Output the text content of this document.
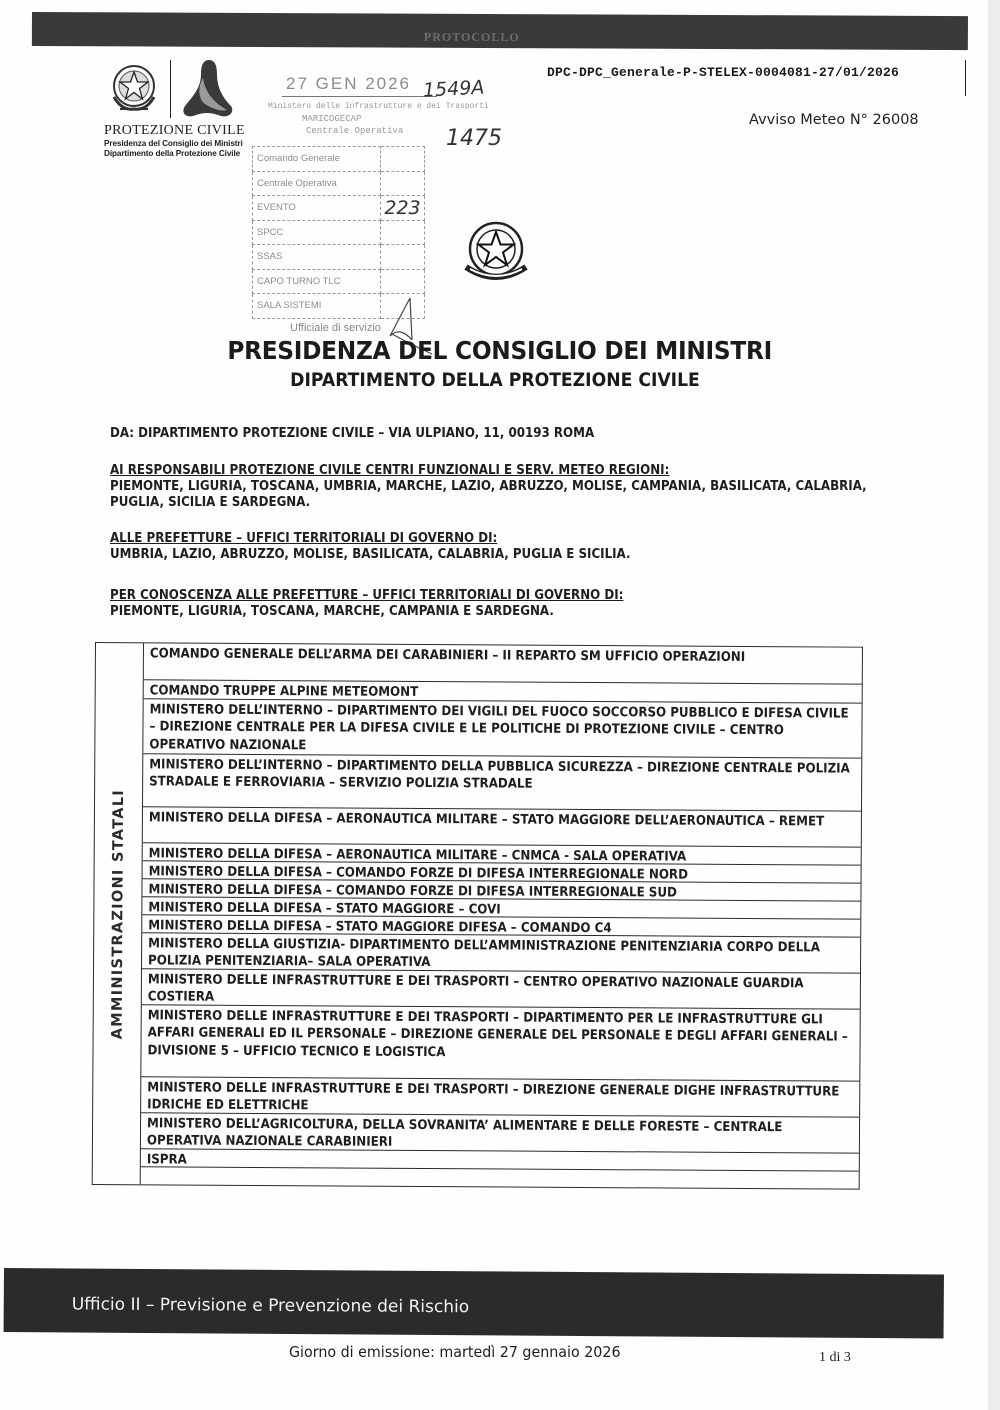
PROTOCOLLO
DPC-DPC_Generale-P-STELEX-0004081-27/01/2026
PROTEZIONE CIVILE
Presidenza del Consiglio dei Ministri
Dipartimento della Protezione Civile
27 GEN 2026 1549A
1475
Ministero delle Infrastrutture e dei Trasporti
MARICOGECAP
Centrale Operativa
Comando Generale	
Centrale Operativa	
EVENTO	223
SPCC	
SSAS	
CAPO TURNO TLC	
SALA SISTEMI	
Ufficiale di servizio
Avviso Meteo N° 26008
PRESIDENZA DEL CONSIGLIO DEI MINISTRI
DIPARTIMENTO DELLA PROTEZIONE CIVILE
DA: DIPARTIMENTO PROTEZIONE CIVILE – VIA ULPIANO, 11, 00193 ROMA
AI RESPONSABILI PROTEZIONE CIVILE CENTRI FUNZIONALI E SERV. METEO REGIONI:
PIEMONTE, LIGURIA, TOSCANA, UMBRIA, MARCHE, LAZIO, ABRUZZO, MOLISE, CAMPANIA, BASILICATA, CALABRIA, PUGLIA, SICILIA E SARDEGNA.
ALLE PREFETTURE – UFFICI TERRITORIALI DI GOVERNO DI:
UMBRIA, LAZIO, ABRUZZO, MOLISE, BASILICATA, CALABRIA, PUGLIA E SICILIA.
PER CONOSCENZA ALLE PREFETTURE – UFFICI TERRITORIALI DI GOVERNO DI:
PIEMONTE, LIGURIA, TOSCANA, MARCHE, CAMPANIA E SARDEGNA.
AMMINISTRAZIONI STATALI
COMANDO GENERALE DELL’ARMA DEI CARABINIERI – II REPARTO SM UFFICIO OPERAZIONI
COMANDO TRUPPE ALPINE METEOMONT
MINISTERO DELL’INTERNO – DIPARTIMENTO DEI VIGILI DEL FUOCO SOCCORSO PUBBLICO E DIFESA CIVILE – DIREZIONE CENTRALE PER LA DIFESA CIVILE E LE POLITICHE DI PROTEZIONE CIVILE – CENTRO OPERATIVO NAZIONALE
MINISTERO DELL’INTERNO – DIPARTIMENTO DELLA PUBBLICA SICUREZZA – DIREZIONE CENTRALE POLIZIA STRADALE E FERROVIARIA – SERVIZIO POLIZIA STRADALE
MINISTERO DELLA DIFESA – AERONAUTICA MILITARE – STATO MAGGIORE DELL’AERONAUTICA – REMET
MINISTERO DELLA DIFESA – AERONAUTICA MILITARE – CNMCA - SALA OPERATIVA
MINISTERO DELLA DIFESA – COMANDO FORZE DI DIFESA INTERREGIONALE NORD
MINISTERO DELLA DIFESA – COMANDO FORZE DI DIFESA INTERREGIONALE SUD
MINISTERO DELLA DIFESA – STATO MAGGIORE – COVI
MINISTERO DELLA DIFESA – STATO MAGGIORE DIFESA – COMANDO C4
MINISTERO DELLA GIUSTIZIA- DIPARTIMENTO DELL’AMMINISTRAZIONE PENITENZIARIA CORPO DELLA POLIZIA PENITENZIARIA– SALA OPERATIVA
MINISTERO DELLE INFRASTRUTTURE E DEI TRASPORTI – CENTRO OPERATIVO NAZIONALE GUARDIA COSTIERA
MINISTERO DELLE INFRASTRUTTURE E DEI TRASPORTI – DIPARTIMENTO PER LE INFRASTRUTTURE GLI AFFARI GENERALI ED IL PERSONALE – DIREZIONE GENERALE DEL PERSONALE E DEGLI AFFARI GENERALI – DIVISIONE 5 – UFFICIO TECNICO E LOGISTICA
MINISTERO DELLE INFRASTRUTTURE E DEI TRASPORTI – DIREZIONE GENERALE DIGHE INFRASTRUTTURE IDRICHE ED ELETTRICHE
MINISTERO DELL’AGRICOLTURA, DELLA SOVRANITA’ ALIMENTARE E DELLE FORESTE – CENTRALE OPERATIVA NAZIONALE CARABINIERI
ISPRA
Ufficio II – Previsione e Prevenzione dei Rischio
Giorno di emissione: martedì 27 gennaio 2026	1 di 3
